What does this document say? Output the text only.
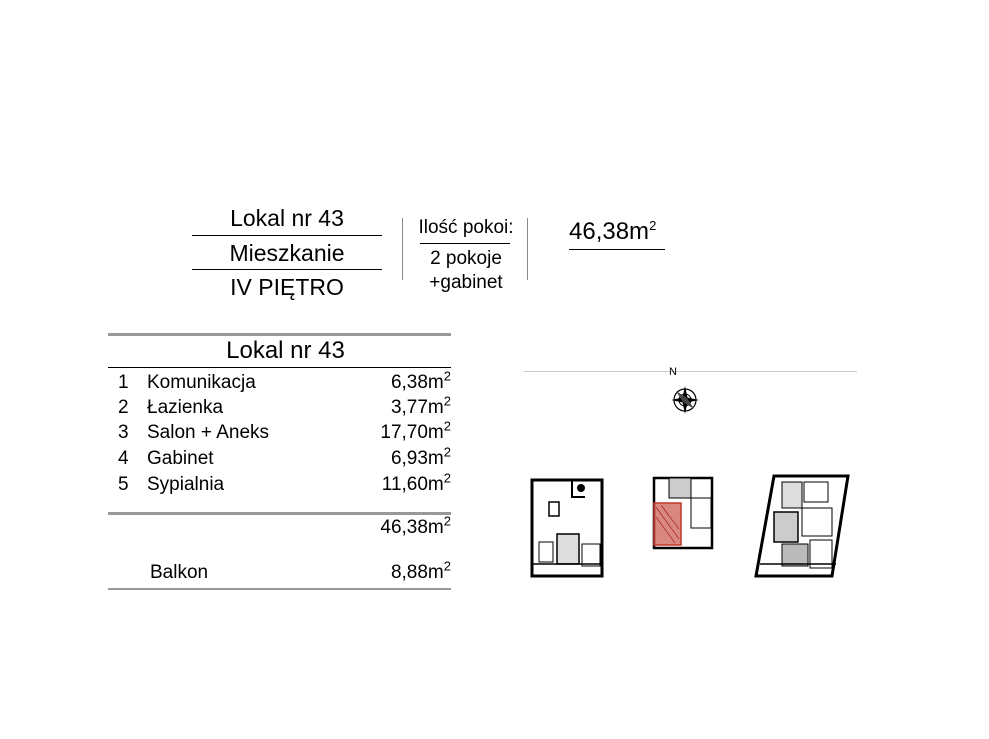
Lokal nr 43
Mieszkanie
IV PIĘTRO
Ilość pokoi:
2 pokoje
+gabinet
$46,38m^2$
Lokal nr 43
1 Komunikacja	$6,38m^2$
2 Łazienka	$3,77m^2$
3 Salon + Aneks	$17,70m^2$
4 Gabinet	$6,93m^2$
5 Sypialnia	$11,60m^2$
$46,38m^2$
Balkon	$8,88m^2$
N
